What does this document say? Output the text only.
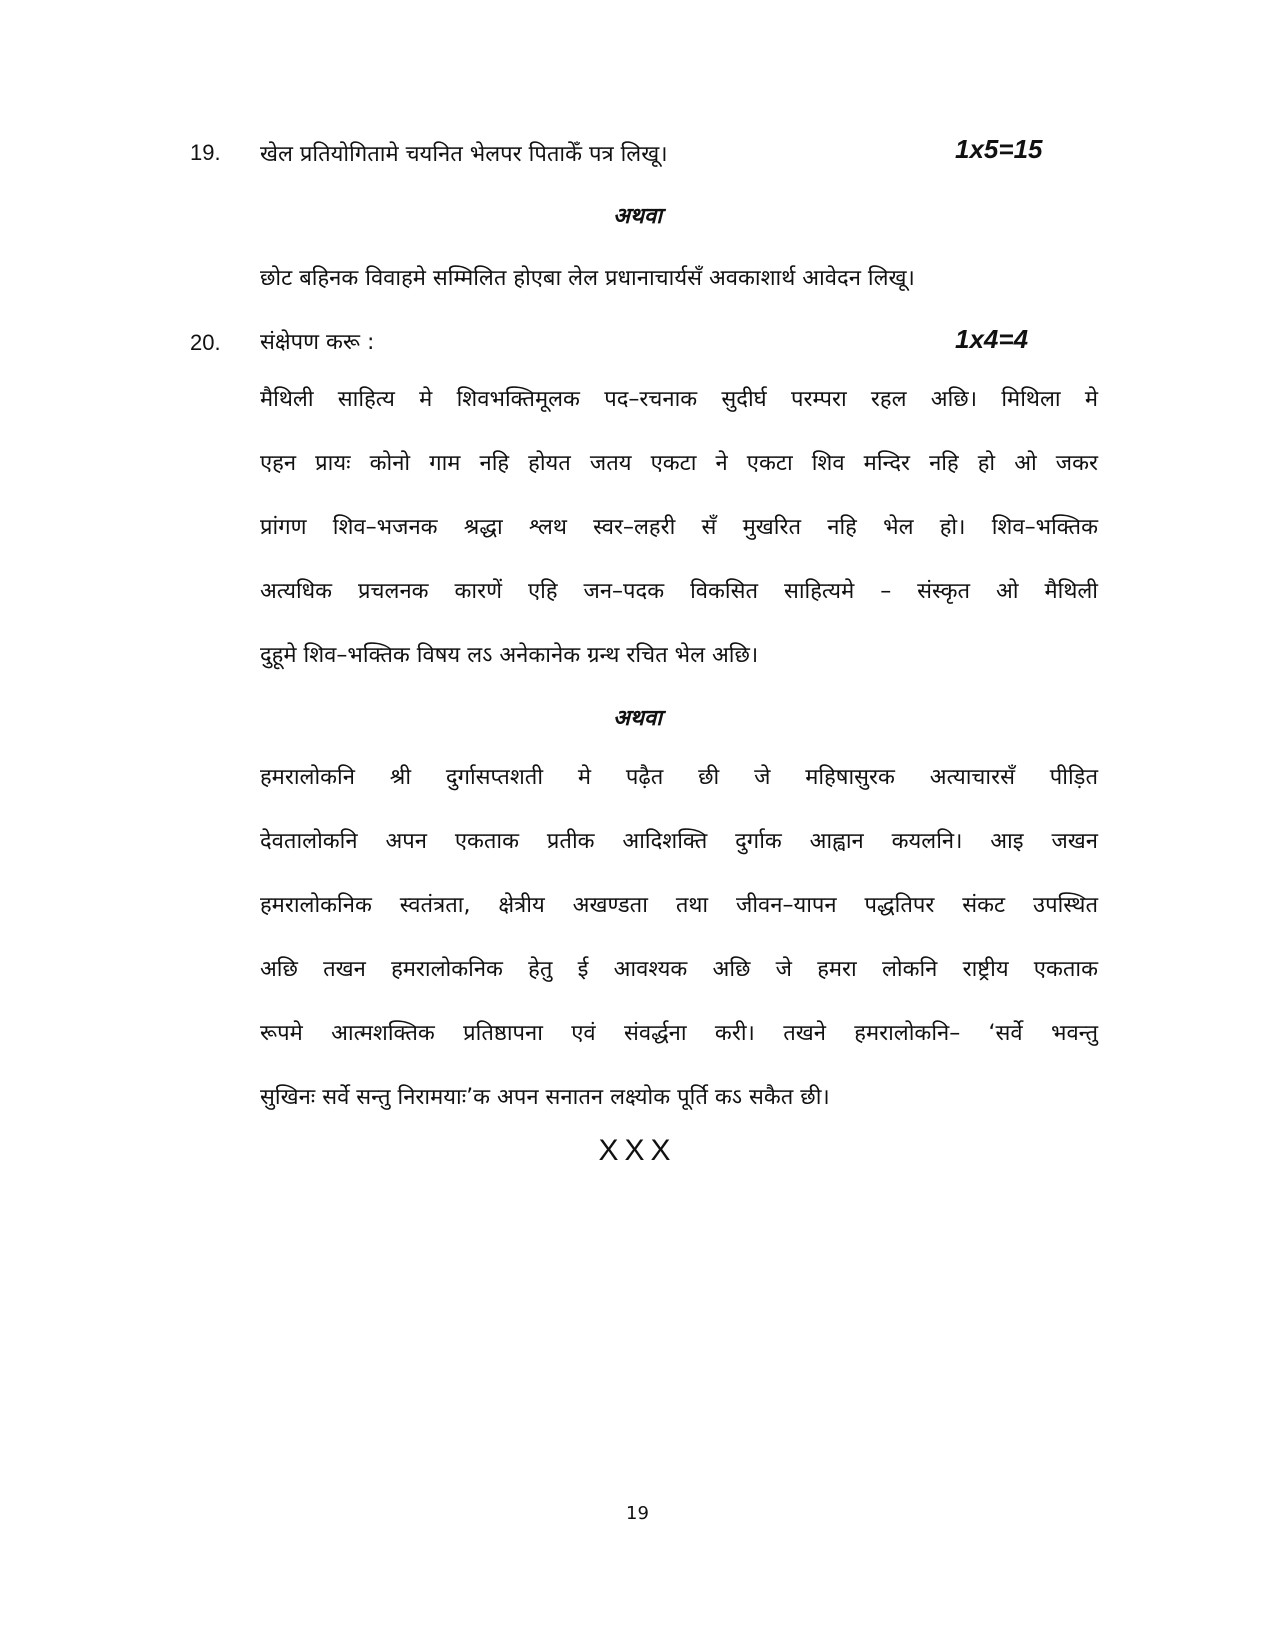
19. खेल प्रतियोगितामे चयनित भेलपर पिताकेँ पत्र लिखू।	1x5=15
अथवा
छोट बहिनक विवाहमे सम्मिलित होएबा लेल प्रधानाचार्यसँ अवकाशार्थ आवेदन लिखू।
20. संक्षेपण करू :	1x4=4
मैथिली साहित्य मे शिवभक्तिमूलक पद–रचनाक सुदीर्घ परम्परा रहल अछि। मिथिला मे
एहन प्रायः कोनो गाम नहि होयत जतय एकटा ने एकटा शिव मन्दिर नहि हो ओ जकर
प्रांगण शिव–भजनक श्रद्धा श्लथ स्वर–लहरी सँ मुखरित नहि भेल हो। शिव–भक्तिक
अत्यधिक प्रचलनक कारणें एहि जन–पदक विकसित साहित्यमे – संस्कृत ओ मैथिली
दुहूमे शिव–भक्तिक विषय लऽ अनेकानेक ग्रन्थ रचित भेल अछि।
अथवा
हमरालोकनि श्री दुर्गासप्तशती मे पढ़ैत छी जे महिषासुरक अत्याचारसँ पीड़ित
देवतालोकनि अपन एकताक प्रतीक आदिशक्ति दुर्गाक आह्वान कयलनि। आइ जखन
हमरालोकनिक स्वतंत्रता, क्षेत्रीय अखण्डता तथा जीवन–यापन पद्धतिपर संकट उपस्थित
अछि तखन हमरालोकनिक हेतु ई आवश्यक अछि जे हमरा लोकनि राष्ट्रीय एकताक
रूपमे आत्मशक्तिक प्रतिष्ठापना एवं संवर्द्धना करी। तखने हमरालोकनि– ‘सर्वे भवन्तु
सुखिनः सर्वे सन्तु निरामयाः’क अपन सनातन लक्ष्योक पूर्ति कऽ सकैत छी।
XXX
19
